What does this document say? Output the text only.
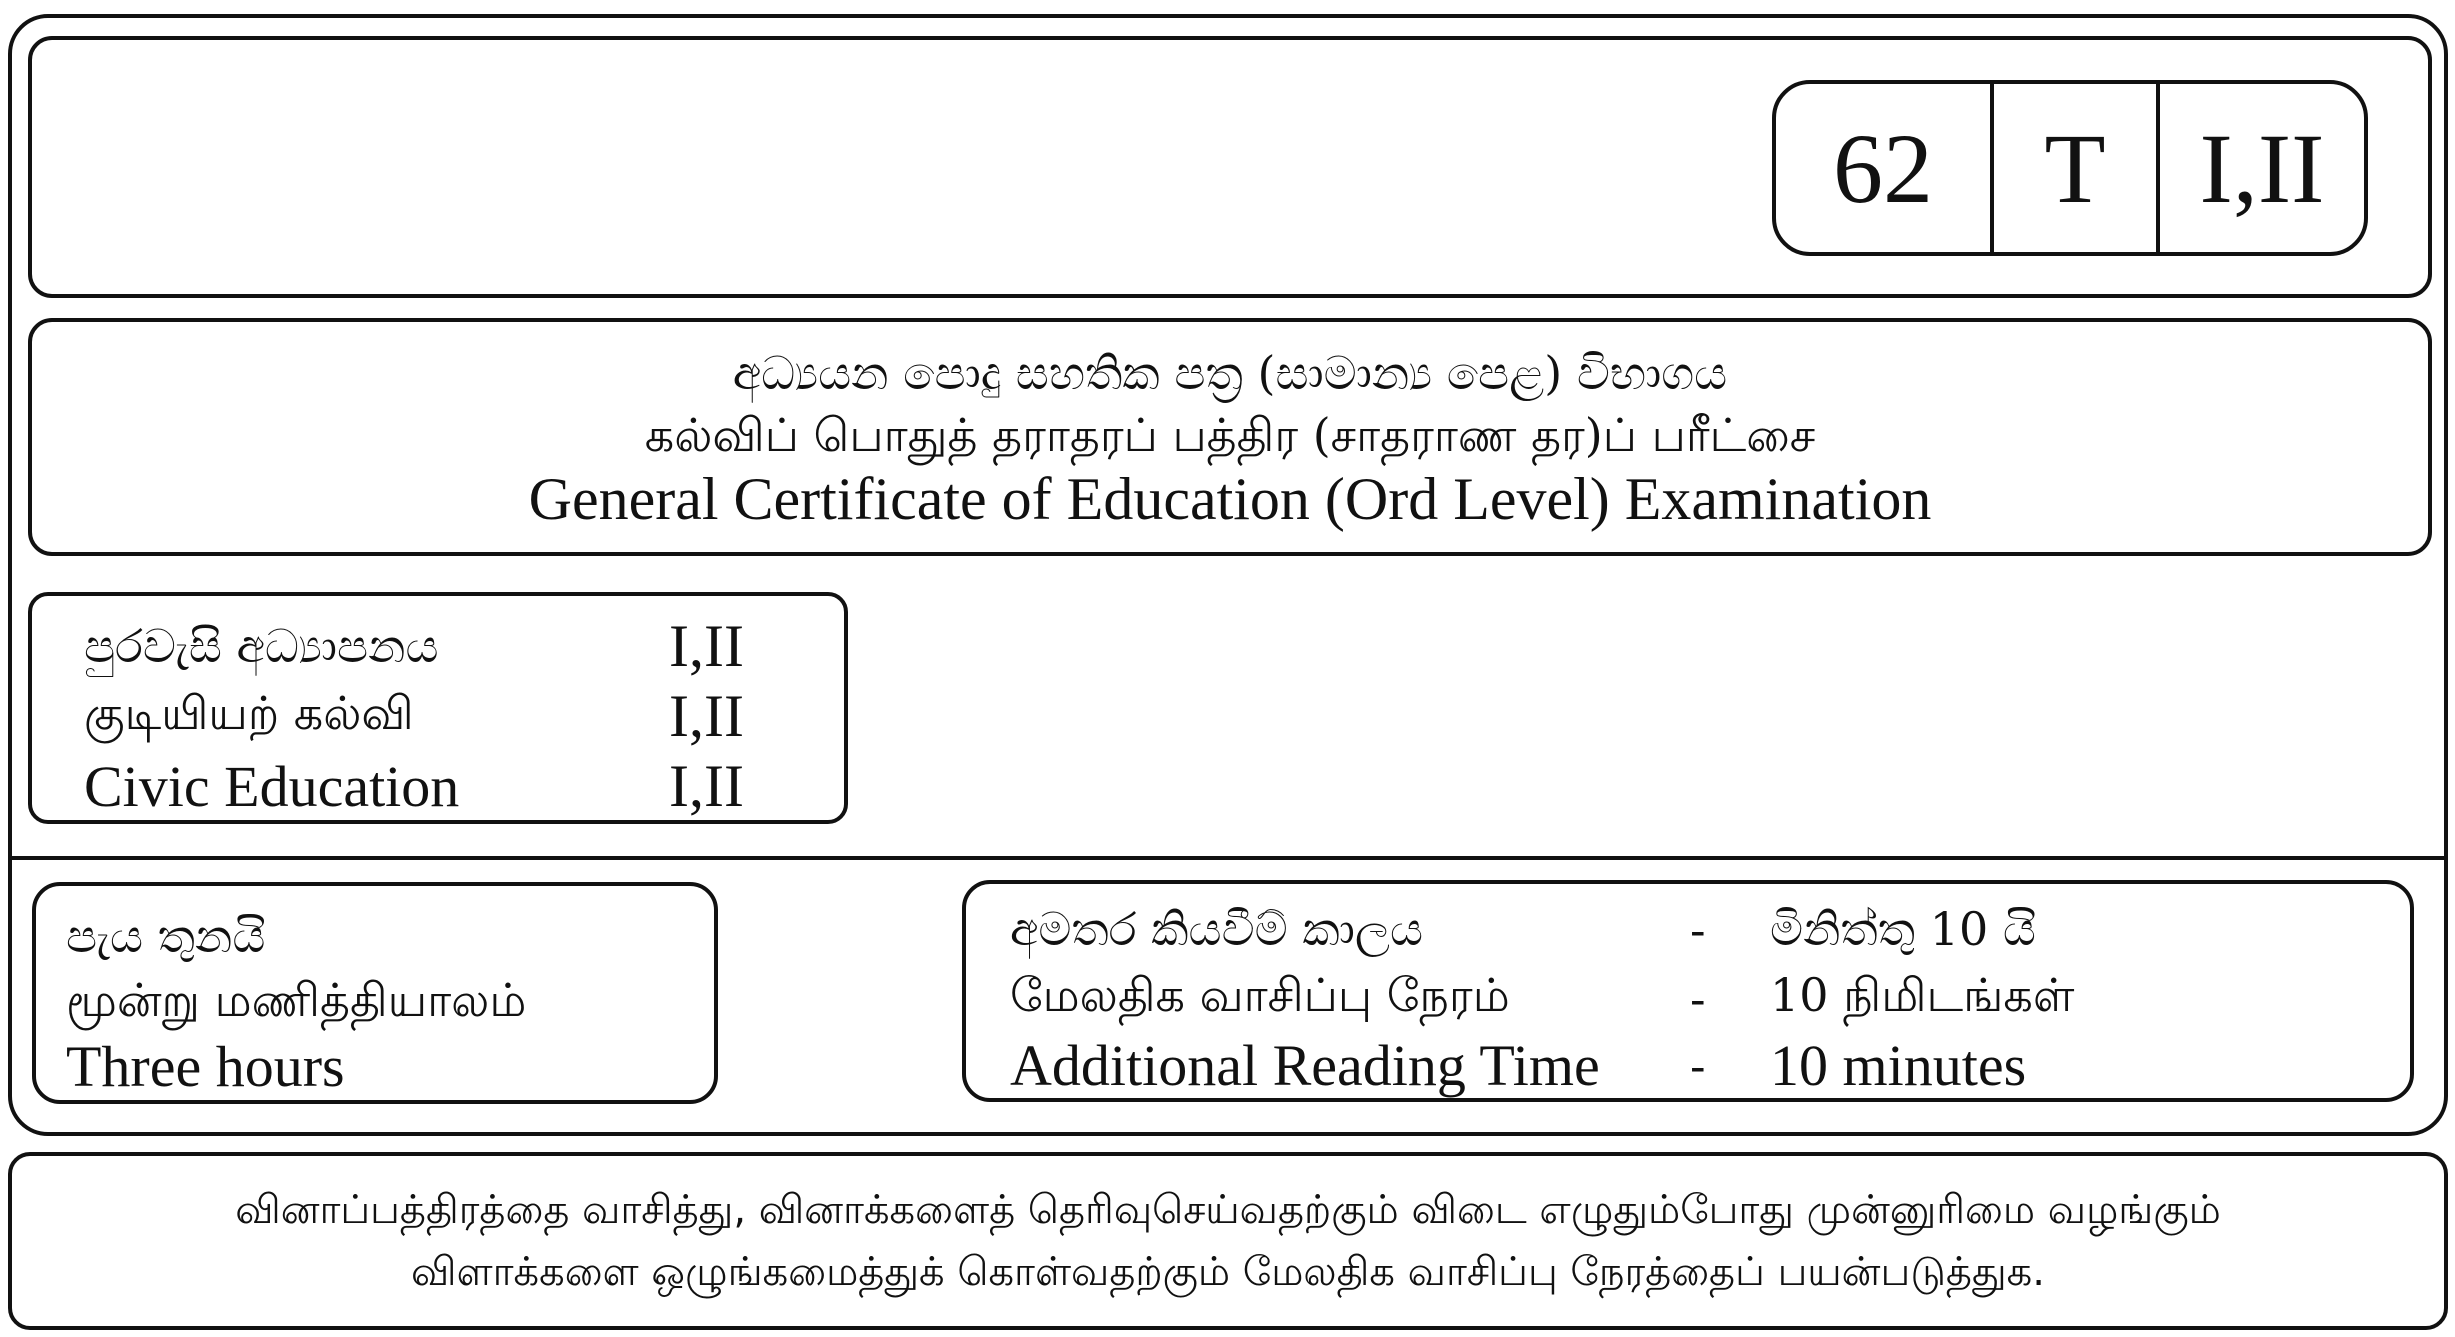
62	T I,II
අධ්‍යයන පොදු සහතික පත්‍ර (සාමාන්‍ය පෙළ) විභාගය
கல்விப் பொதுத் தராதரப் பத்திர (சாதராண தர)ப் பரீட்சை
General Certificate of Education (Ord Level) Examination
පුරවැසි අධ්‍යාපනය	I,II
குடியியற் கல்வி	I,II
Civic Education	I,II
පැය තුනයි
மூன்று மணித்தியாலம்
Three hours
අමතර කියවීම් කාලය	-	මිනිත්තු 10 යි
மேலதிக வாசிப்பு நேரம்	-	10 நிமிடங்கள்
Additional Reading Time	-	10 minutes
வினாப்பத்திரத்தை வாசித்து, வினாக்களைத் தெரிவுசெய்வதற்கும் விடை எழுதும்போது முன்னுரிமை வழங்கும்
விளாக்களை ஒழுங்கமைத்துக் கொள்வதற்கும் மேலதிக வாசிப்பு நேரத்தைப் பயன்படுத்துக.
